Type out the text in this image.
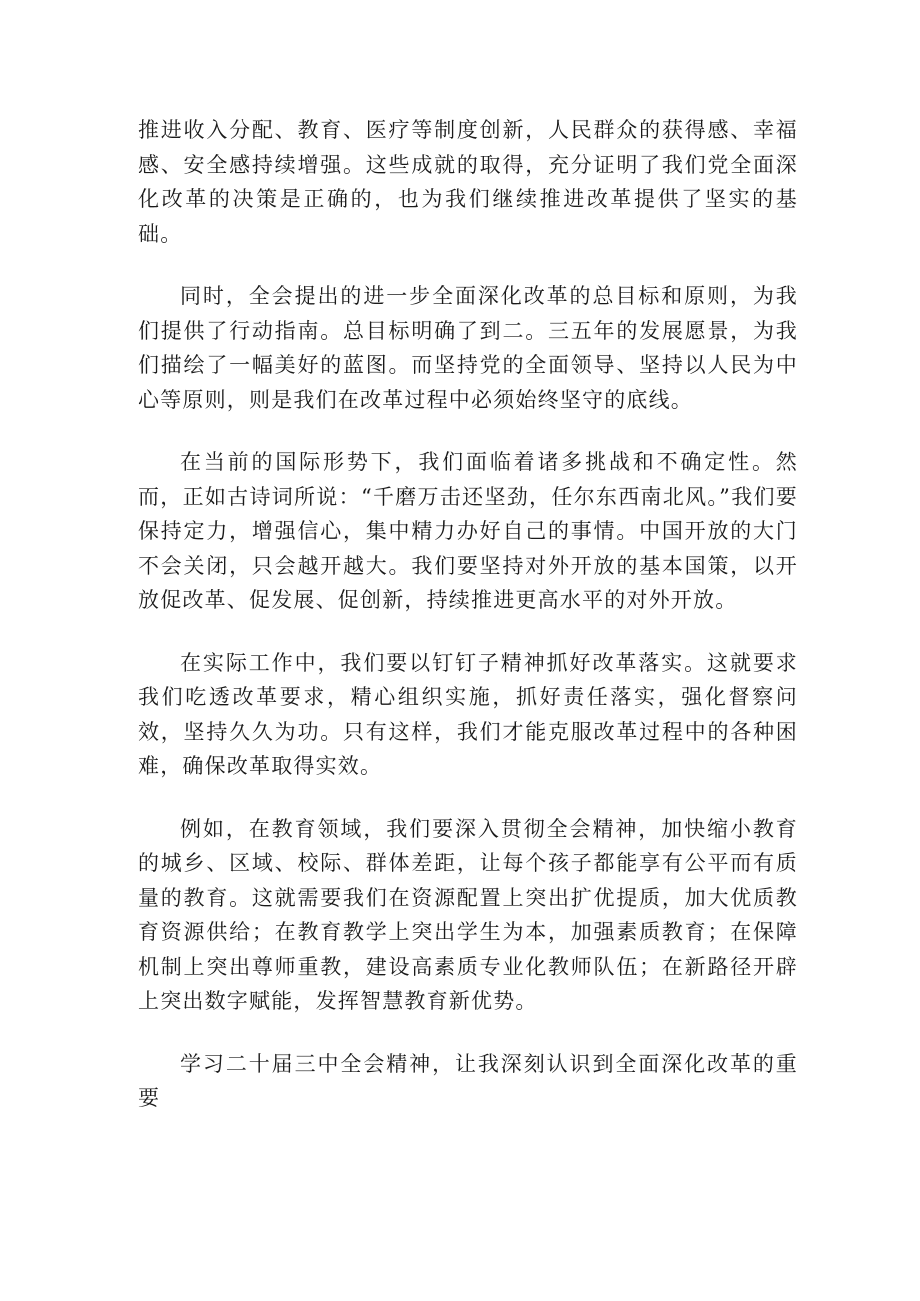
推进收入分配、教育、医疗等制度创新，人民群众的获得感、幸福感、安全感持续增强。这些成就的取得，充分证明了我们党全面深化改革的决策是正确的，也为我们继续推进改革提供了坚实的基础。

同时，全会提出的进一步全面深化改革的总目标和原则，为我们提供了行动指南。总目标明确了到二。三五年的发展愿景，为我们描绘了一幅美好的蓝图。而坚持党的全面领导、坚持以人民为中心等原则，则是我们在改革过程中必须始终坚守的底线。

在当前的国际形势下，我们面临着诸多挑战和不确定性。然而，正如古诗词所说：“千磨万击还坚劲，任尔东西南北风。”我们要保持定力，增强信心，集中精力办好自己的事情。中国开放的大门不会关闭，只会越开越大。我们要坚持对外开放的基本国策，以开放促改革、促发展、促创新，持续推进更高水平的对外开放。

在实际工作中，我们要以钉钉子精神抓好改革落实。这就要求我们吃透改革要求，精心组织实施，抓好责任落实，强化督察问效，坚持久久为功。只有这样，我们才能克服改革过程中的各种困难，确保改革取得实效。

例如，在教育领域，我们要深入贯彻全会精神，加快缩小教育的城乡、区域、校际、群体差距，让每个孩子都能享有公平而有质量的教育。这就需要我们在资源配置上突出扩优提质，加大优质教育资源供给；在教育教学上突出学生为本，加强素质教育；在保障机制上突出尊师重教，建设高素质专业化教师队伍；在新路径开辟上突出数字赋能，发挥智慧教育新优势。

学习二十届三中全会精神，让我深刻认识到全面深化改革的重要
